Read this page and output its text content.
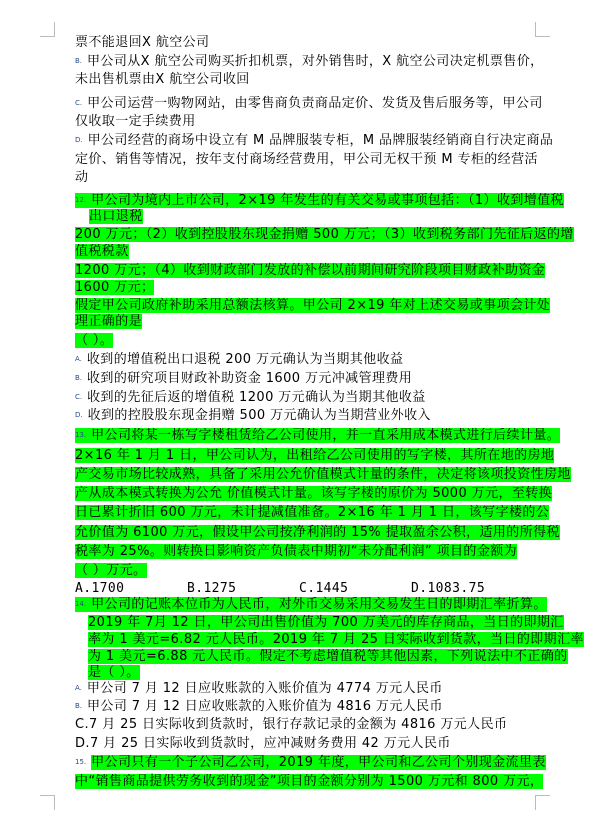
票不能退回X 航空公司
B. 甲公司从X 航空公司购买折扣机票，对外销售时，X 航空公司决定机票售价，
未出售机票由X 航空公司收回
C. 甲公司运营一购物网站，由零售商负责商品定价、发货及售后服务等，甲公司
仅收取一定手续费用
D. 甲公司经营的商场中设立有 M 品牌服装专柜，M 品牌服装经销商自行决定商品
定价、销售等情况，按年支付商场经营费用，甲公司无权干预 M 专柜的经营活
动
12. 甲公司为境内上市公司，2×19 年发生的有关交易或事项包括：（1）收到增值税
出口退税
200 万元；（2）收到控股股东现金捐赠 500 万元；（3）收到税务部门先征后返的增
值税税款
1200 万元；（4）收到财政部门发放的补偿以前期间研究阶段项目财政补助资金
1600 万元；
假定甲公司政府补助采用总额法核算。甲公司 2×19 年对上述交易或事项会计处
理正确的是
（ ）。
A. 收到的增值税出口退税 200 万元确认为当期其他收益
B. 收到的研究项目财政补助资金 1600 万元冲减管理费用
C. 收到的先征后返的增值税 1200 万元确认为当期其他收益
D. 收到的控股股东现金捐赠 500 万元确认为当期营业外收入
13. 甲公司将某一栋写字楼租赁给乙公司使用，并一直采用成本模式进行后续计量。
2×16 年 1 月 1 日，甲公司认为，出租给乙公司使用的写字楼，其所在地的房地
产交易市场比较成熟，具备了采用公允价值模式计量的条件，决定将该项投资性房地
产从成本模式转换为公允 价值模式计量。该写字楼的原价为 5000 万元，至转换
日已累计折旧 600 万元，未计提减值准备。2×16 年 1 月 1 日，该写字楼的公
允价值为 6100 万元，假设甲公司按净利润的 15% 提取盈余公积，适用的所得税
税率为 25%。则转换日影响资产负债表中期初“未分配利润” 项目的金额为
（ ）万元。
A.1700	B.1275	C.1445	D.1083.75
14. 甲公司的记账本位币为人民币，对外币交易采用交易发生日的即期汇率折算。
2019 年 7月 12 日，甲公司出售价值为 700 万美元的库存商品，当日的即期汇
率为 1 美元=6.82 元人民币。2019 年 7 月 25 日实际收到货款，当日的即期汇率
为 1 美元=6.88 元人民币。假定不考虑增值税等其他因素，下列说法中不正确的
是（ ）。
A. 甲公司 7 月 12 日应收账款的入账价值为 4774 万元人民币
B. 甲公司 7 月 12 日应收账款的入账价值为 4816 万元人民币
C.7 月 25 日实际收到货款时，银行存款记录的金额为 4816 万元人民币
D.7 月 25 日实际收到货款时，应冲减财务费用 42 万元人民币
15. 甲公司只有一个子公司乙公司，2019 年度，甲公司和乙公司个别现金流里表
中“销售商品提供劳务收到的现金”项目的金额分别为 1500 万元和 800 万元，
